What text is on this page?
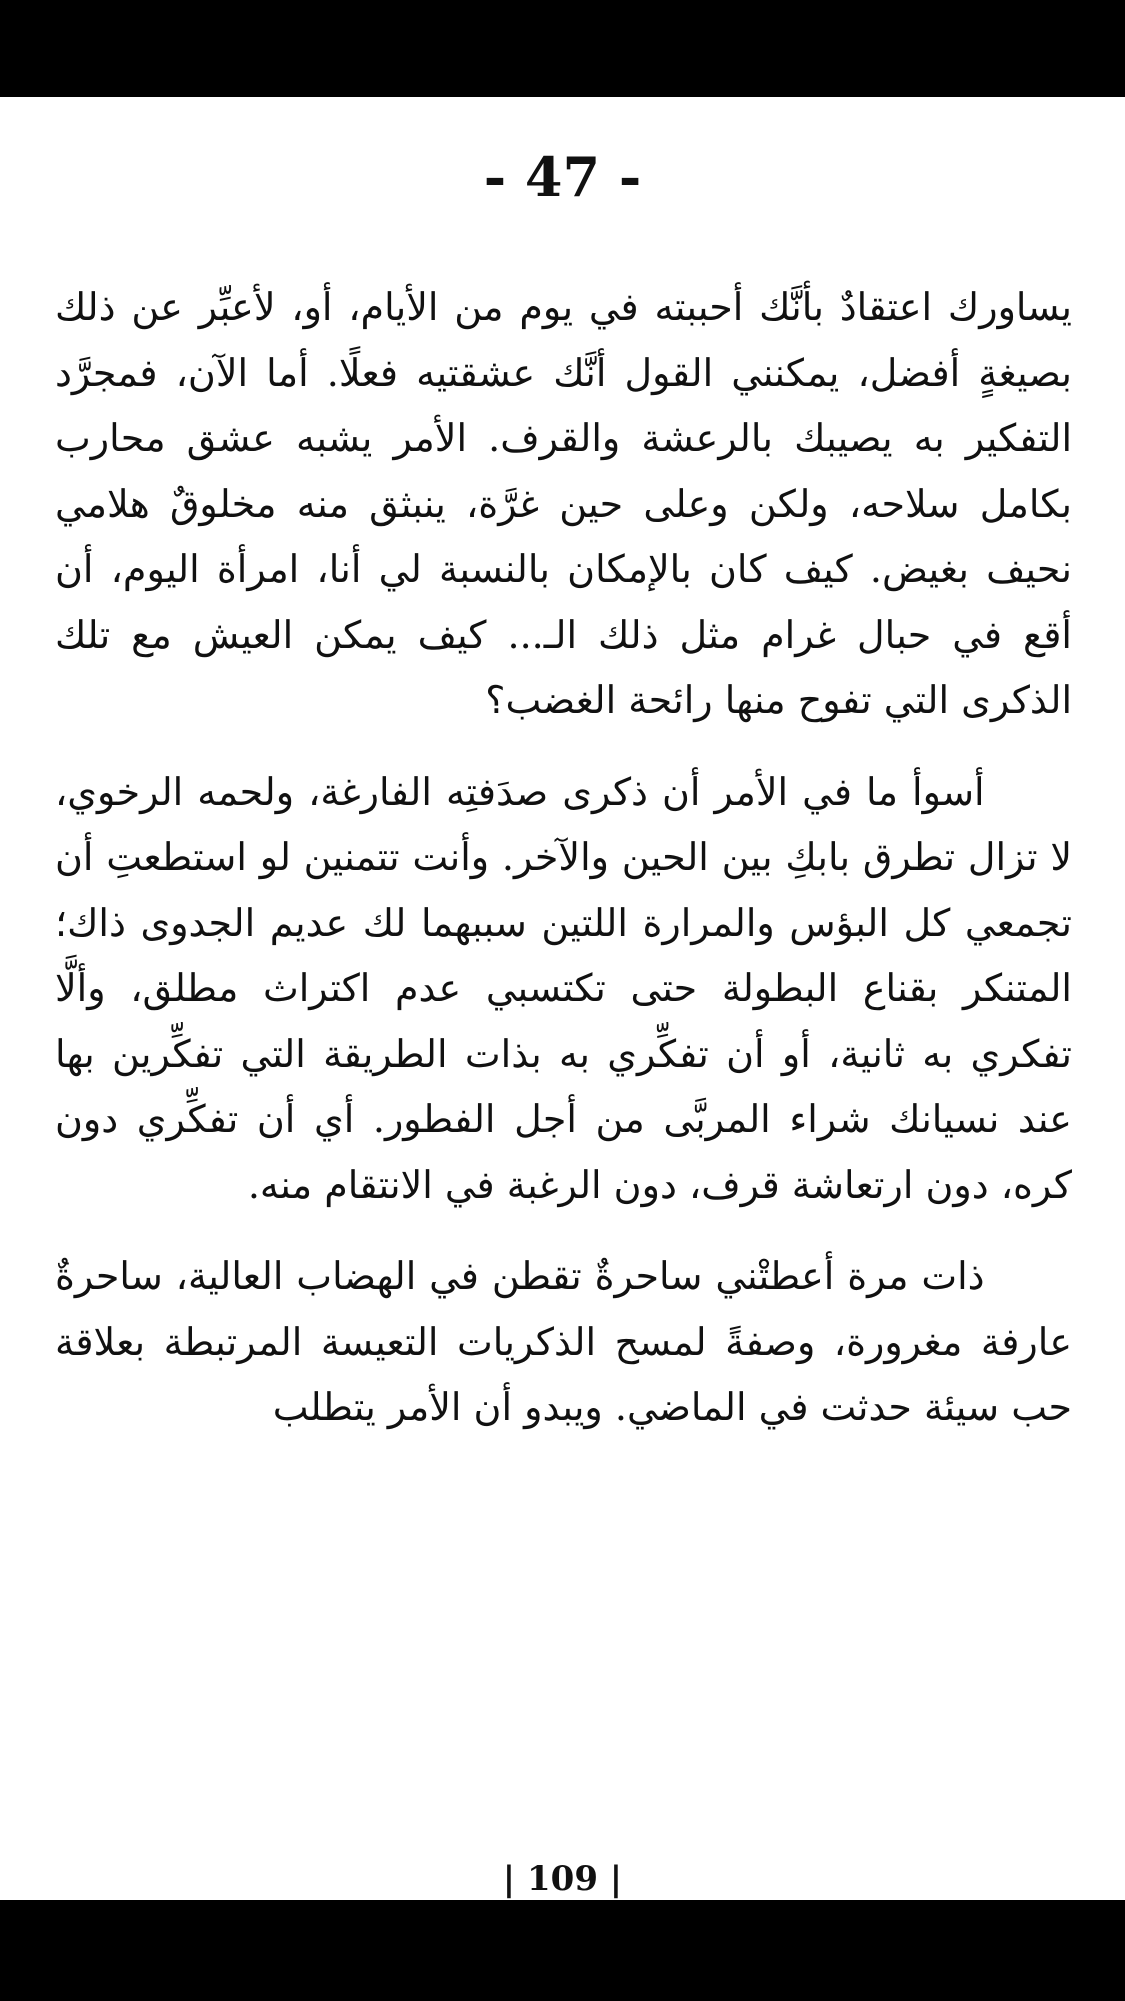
- 47 -

يساورك اعتقادٌ بأنَّك أحببته في يوم من الأيام، أو، لأعبِّر عن ذلك بصيغةٍ أفضل، يمكنني القول أنَّك عشقتيه فعلًا. أما الآن، فمجرَّد التفكير به يصيبك بالرعشة والقرف. الأمر يشبه عشق محارب بكامل سلاحه، ولكن وعلى حين غرَّة، ينبثق منه مخلوقٌ هلامي نحيف بغيض. كيف كان بالإمكان بالنسبة لي أنا، امرأة اليوم، أن أقع في حبال غرام مثل ذلك الـ... كيف يمكن العيش مع تلك الذكرى التي تفوح منها رائحة الغضب؟

أسوأ ما في الأمر أن ذكرى صدَفتِه الفارغة، ولحمه الرخوي، لا تزال تطرق بابكِ بين الحين والآخر. وأنت تتمنين لو استطعتِ أن تجمعي كل البؤس والمرارة اللتين سببهما لك عديم الجدوى ذاك؛ المتنكر بقناع البطولة حتى تكتسبي عدم اكتراث مطلق، وألَّا تفكري به ثانية، أو أن تفكِّري به بذات الطريقة التي تفكِّرين بها عند نسيانك شراء المربَّى من أجل الفطور. أي أن تفكِّري دون كره، دون ارتعاشة قرف، دون الرغبة في الانتقام منه.

ذات مرة أعطتْني ساحرةٌ تقطن في الهضاب العالية، ساحرةٌ عارفة مغرورة، وصفةً لمسح الذكريات التعيسة المرتبطة بعلاقة حب سيئة حدثت في الماضي. ويبدو أن الأمر يتطلب

| 109 |
